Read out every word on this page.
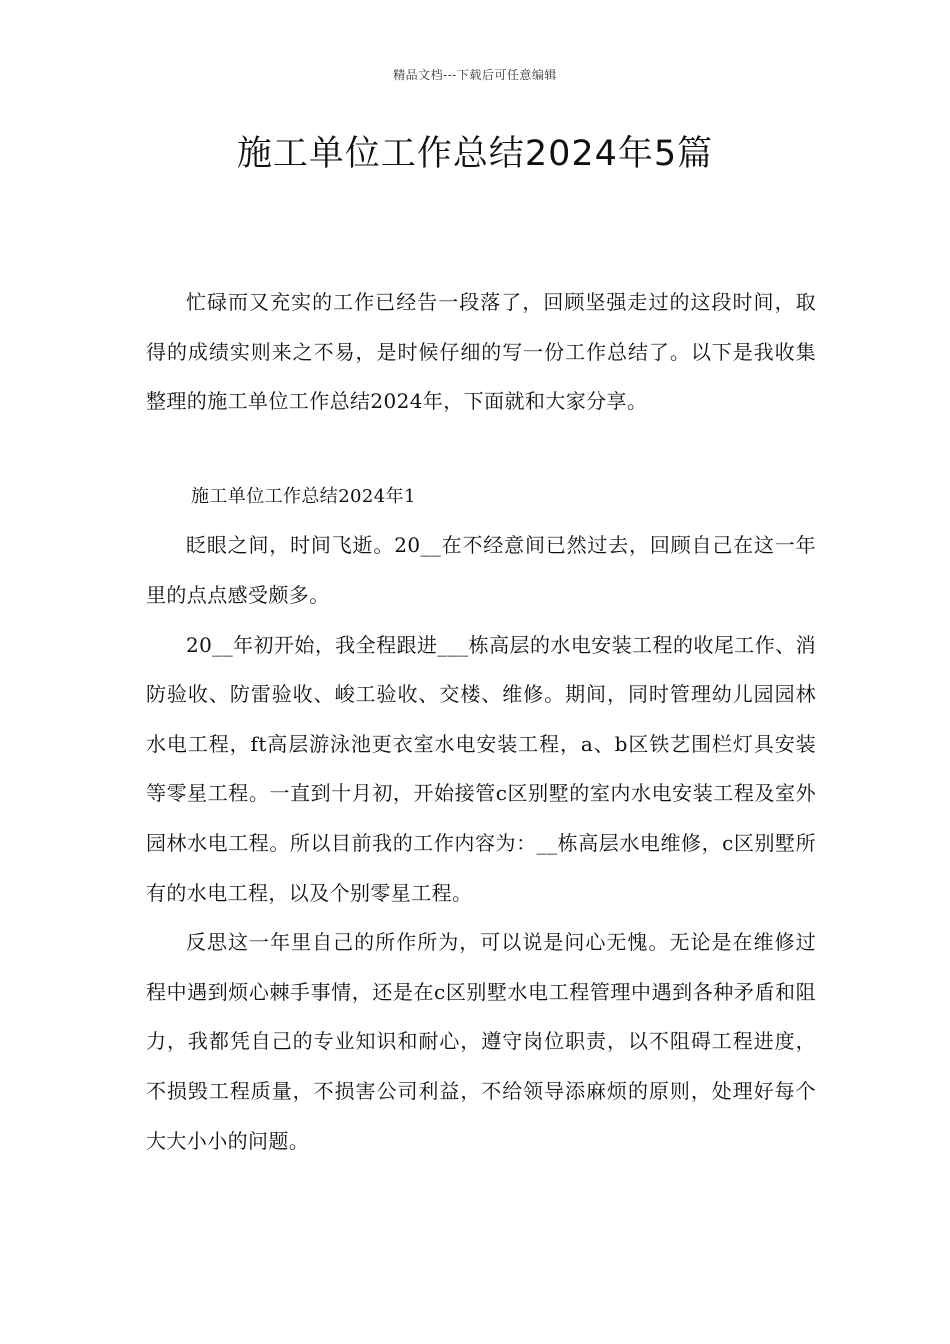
精品文档---下载后可任意编辑
施工单位工作总结2024年5篇

忙碌而又充实的工作已经告一段落了，回顾坚强走过的这段时间，取得的成绩实则来之不易，是时候仔细的写一份工作总结了。以下是我收集整理的施工单位工作总结2024年，下面就和大家分享。

施工单位工作总结2024年1

眨眼之间，时间飞逝。20__在不经意间已然过去，回顾自己在这一年里的点点感受颇多。

20__年初开始，我全程跟进___栋高层的水电安装工程的收尾工作、消防验收、防雷验收、峻工验收、交楼、维修。期间，同时管理幼儿园园林水电工程，ft高层游泳池更衣室水电安装工程，a、b区铁艺围栏灯具安装等零星工程。一直到十月初，开始接管c区别墅的室内水电安装工程及室外园林水电工程。所以目前我的工作内容为：__栋高层水电维修，c区别墅所有的水电工程，以及个别零星工程。

反思这一年里自己的所作所为，可以说是问心无愧。无论是在维修过程中遇到烦心棘手事情，还是在c区别墅水电工程管理中遇到各种矛盾和阻力，我都凭自己的专业知识和耐心，遵守岗位职责，以不阻碍工程进度，不损毁工程质量，不损害公司利益，不给领导添麻烦的原则，处理好每个大大小小的问题。
